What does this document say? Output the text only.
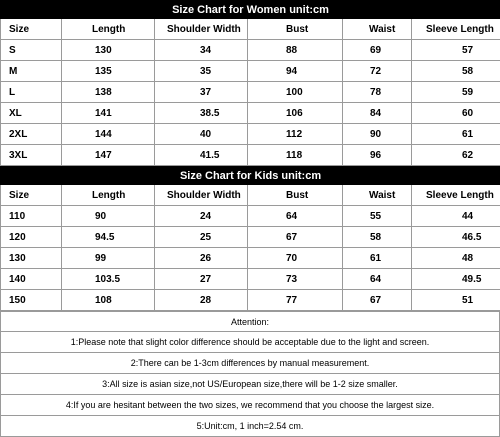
Size Chart for Women unit:cm					
Size	Length	Shoulder Width	Bust	Waist	Sleeve Length
S	130	34	88	69	57
M	135	35	94	72	58
L	138	37	100	78	59
XL	141	38.5	106	84	60
2XL	144	40	112	90	61
3XL	147	41.5	118	96	62
Size Chart for Kids unit:cm					
Size	Length	Shoulder Width	Bust	Waist	Sleeve Length
110	90	24	64	55	44
120	94.5	25	67	58	46.5
130	99	26	70	61	48
140	103.5	27	73	64	49.5
150	108	28	77	67	51
Attention:
1:Please note that slight color difference should be acceptable due to the light and screen.
2:There can be 1-3cm differences by manual measurement.
3:All size is asian size,not US/European size,there will be 1-2 size smaller.
4:If you are hesitant between the two sizes, we recommend that you choose the largest size.
5:Unit:cm, 1 inch=2.54 cm.
